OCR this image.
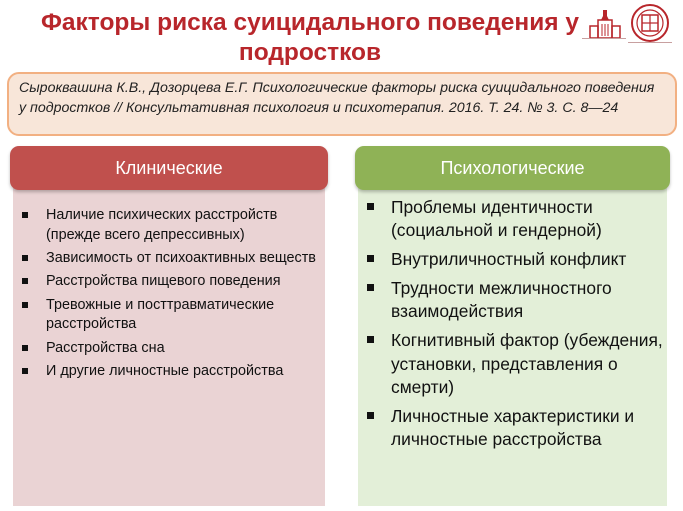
Факторы риска суицидального поведения у подростков
Сыроквашина К.В., Дозорцева Е.Г. Психологические факторы риска суицидального поведения у подростков // Консультативная психология и психотерапия. 2016. Т. 24. № 3. С. 8—24
Клинические
Наличие психических расстройств (прежде всего депрессивных)
Зависимость от психоактивных веществ
Расстройства пищевого поведения
Тревожные и посттравматические расстройства
Расстройства сна
И другие личностные расстройства
Психологические
Проблемы идентичности (социальной и гендерной)
Внутриличностный конфликт
Трудности межличностного взаимодействия
Когнитивный фактор (убеждения, установки, представления о смерти)
Личностные характеристики и личностные расстройства
